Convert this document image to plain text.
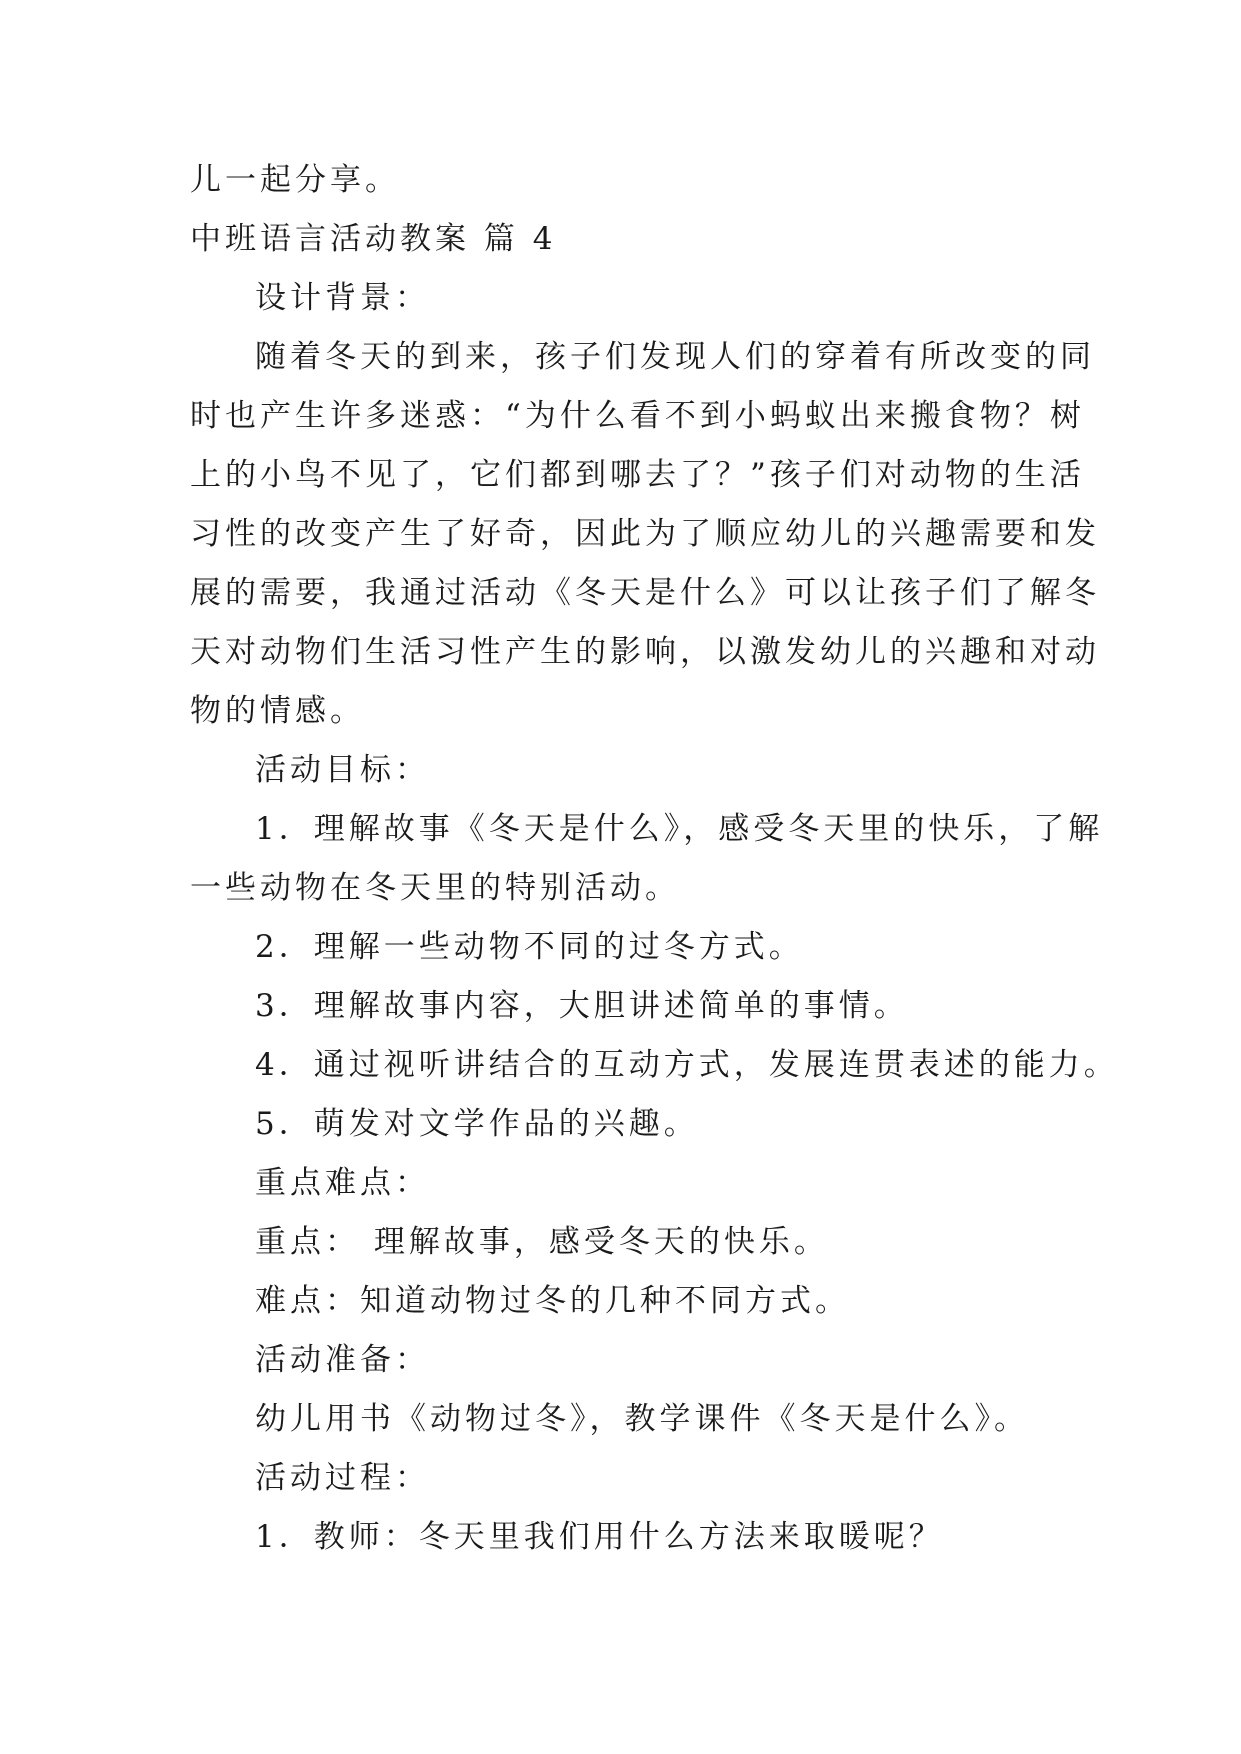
儿一起分享。
中班语言活动教案 篇 4
设计背景：
随着冬天的到来，孩子们发现人们的穿着有所改变的同
时也产生许多迷惑：“为什么看不到小蚂蚁出来搬食物？树
上的小鸟不见了，它们都到哪去了？”孩子们对动物的生活
习性的改变产生了好奇，因此为了顺应幼儿的兴趣需要和发
展的需要，我通过活动《冬天是什么》可以让孩子们了解冬
天对动物们生活习性产生的影响，以激发幼儿的兴趣和对动
物的情感。
活动目标：
1．理解故事《冬天是什么》，感受冬天里的快乐，了解
一些动物在冬天里的特别活动。
2．理解一些动物不同的过冬方式。
3．理解故事内容，大胆讲述简单的事情。
4．通过视听讲结合的互动方式，发展连贯表述的能力。
5．萌发对文学作品的兴趣。
重点难点：
重点： 理解故事，感受冬天的快乐。
难点：知道动物过冬的几种不同方式。
活动准备：
幼儿用书《动物过冬》，教学课件《冬天是什么》。
活动过程：
1．教师：冬天里我们用什么方法来取暖呢？
